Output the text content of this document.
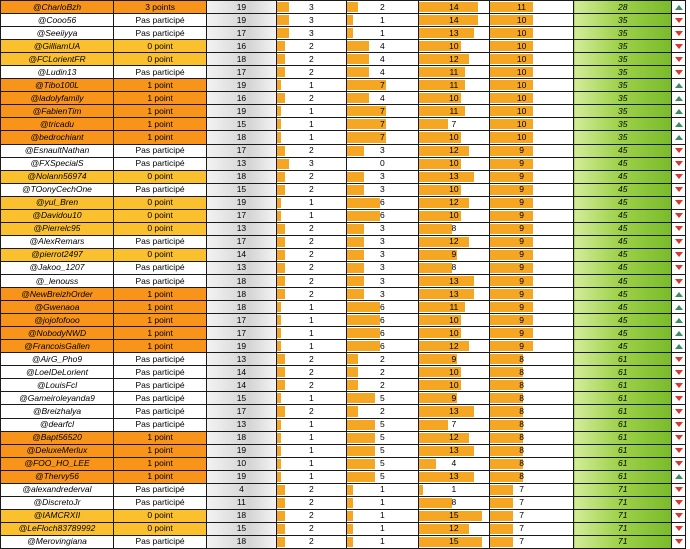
@CharloBzh	3 points	19	3	2	14	11	28	
@Cooo56	Pas participé	19	3	1	14	10	35	
@Seeiiyya	Pas participé	17	3	1	13	10	35	
@GilliamUA	0 point	16	2	4	10	10	35	
@FCLorientFR	0 point	18	2	4	12	10	35	
@Ludin13	Pas participé	17	2	4	11	10	35	
@Tibo100L	1 point	19	1	7	11	10	35	
@ladolyfamily	1 point	16	2	4	10	10	35	
@FabienTim	1 point	19	1	7	11	10	35	
@tricadu	1 point	15	1	7	7	10	35	
@bedrochiant	1 point	18	1	7	10	10	35	
@EsnaultNathan	Pas participé	17	2	3	12	9	45	
@FXSpecialS	Pas participé	13	3	0	10	9	45	
@Nolann56974	0 point	18	2	3	13	9	45	
@TOonyCechOne	Pas participé	15	2	3	10	9	45	
@yul_Bren	0 point	19	1	6	12	9	45	
@Davidou10	0 point	17	1	6	10	9	45	
@Pierrelc95	0 point	13	2	3	8	9	45	
@AlexRemars	Pas participé	17	2	3	12	9	45	
@pierrot2497	0 point	14	2	3	9	9	45	
@Jakoo_1207	Pas participé	13	2	3	8	9	45	
@_lenouss	Pas participé	18	2	3	13	9	45	
@NewBreizhOrder	1 point	18	2	3	13	9	45	
@Gwenaoa	1 point	18	1	6	11	9	45	
@jojofofooo	1 point	17	1	6	10	9	45	
@NobodyNWD	1 point	17	1	6	10	9	45	
@FrancoisGallen	1 point	19	1	6	12	9	45	
@AirG_Pho9	Pas participé	13	2	2	9	8	61	
@LoeIDeLorient	Pas participé	14	2	2	10	8	61	
@LouisFcl	Pas participé	14	2	2	10	8	61	
@Gameiroleyanda9	Pas participé	15	1	5	9	8	61	
@Breizhalya	Pas participé	17	2	2	13	8	61	
@dearfcl	Pas participé	13	1	5	7	8	61	
@Bapt56520	1 point	18	1	5	12	8	61	
@DeluxeMerlux	1 point	19	1	5	13	8	61	
@FOO_HO_LEE	1 point	10	1	5	4	8	61	
@Thervy56	1 point	19	1	5	13	8	61	
@alexandrederval	Pas participé	4	2	1	1	7	71	
@DiscretoJr	Pas participé	11	2	1	8	7	71	
@IAMCRXII	0 point	18	2	1	15	7	71	
@LeFloch83789992	0 point	15	2	1	12	7	71	
@Merovingiana	Pas participé	18	2	1	15	7	71	
